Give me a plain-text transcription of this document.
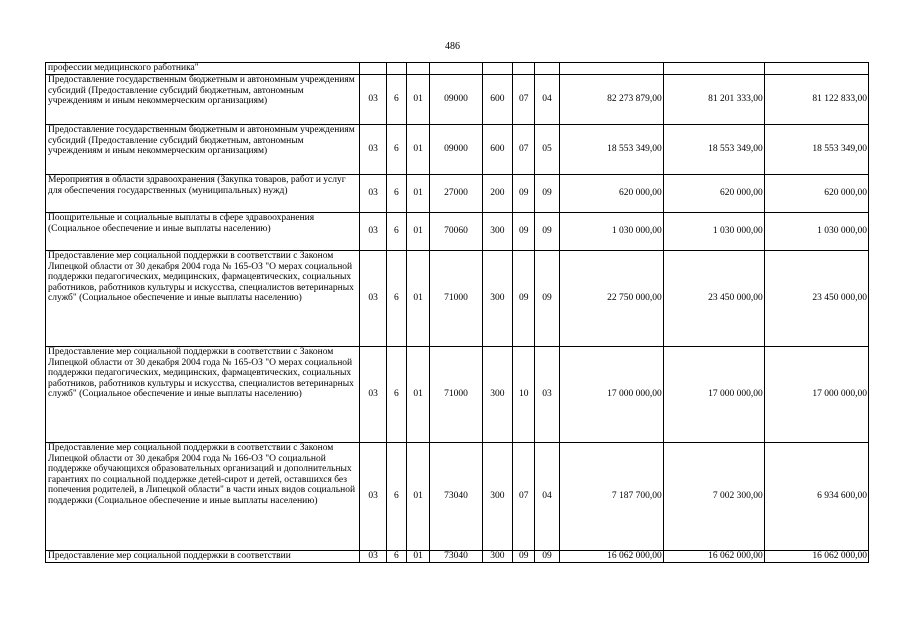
486
профессии медицинского работника"										
Предоставление государственным бюджетным и автономным учреждениям субсидий (Предоставление субсидий бюджетным, автономным учреждениям и иным некоммерческим организациям)	03	6	01	09000	600	07	04	82 273 879,00	81 201 333,00	81 122 833,00
Предоставление государственным бюджетным и автономным учреждениям субсидий (Предоставление субсидий бюджетным, автономным учреждениям и иным некоммерческим организациям)	03	6	01	09000	600	07	05	18 553 349,00	18 553 349,00	18 553 349,00
Мероприятия в области здравоохранения (Закупка товаров, работ и услуг для обеспечения государственных (муниципальных) нужд)	03	6	01	27000	200	09	09	620 000,00	620 000,00	620 000,00
Поощрительные и социальные выплаты в сфере здравоохранения (Социальное обеспечение и иные выплаты населению)	03	6	01	70060	300	09	09	1 030 000,00	1 030 000,00	1 030 000,00
Предоставление мер социальной поддержки в соответствии с Законом Липецкой области от 30 декабря 2004 года № 165-ОЗ "О мерах социальной поддержки педагогических, медицинских, фармацевтических, социальных работников, работников культуры и искусства, специалистов ветеринарных служб" (Социальное обеспечение и иные выплаты населению)	03	6	01	71000	300	09	09	22 750 000,00	23 450 000,00	23 450 000,00
Предоставление мер социальной поддержки в соответствии с Законом Липецкой области от 30 декабря 2004 года № 165-ОЗ "О мерах социальной поддержки педагогических, медицинских, фармацевтических, социальных работников, работников культуры и искусства, специалистов ветеринарных служб" (Социальное обеспечение и иные выплаты населению)	03	6	01	71000	300	10	03	17 000 000,00	17 000 000,00	17 000 000,00
Предоставление мер социальной поддержки в соответствии с Законом Липецкой области от 30 декабря 2004 года № 166-ОЗ "О социальной поддержке обучающихся образовательных организаций и дополнительных гарантиях по социальной поддержке детей-сирот и детей, оставшихся без попечения родителей, в Липецкой области" в части иных видов социальной поддержки (Социальное обеспечение и иные выплаты населению)	03	6	01	73040	300	07	04	7 187 700,00	7 002 300,00	6 934 600,00
Предоставление мер социальной поддержки в соответствии	03	6	01	73040	300	09	09	16 062 000,00	16 062 000,00	16 062 000,00
